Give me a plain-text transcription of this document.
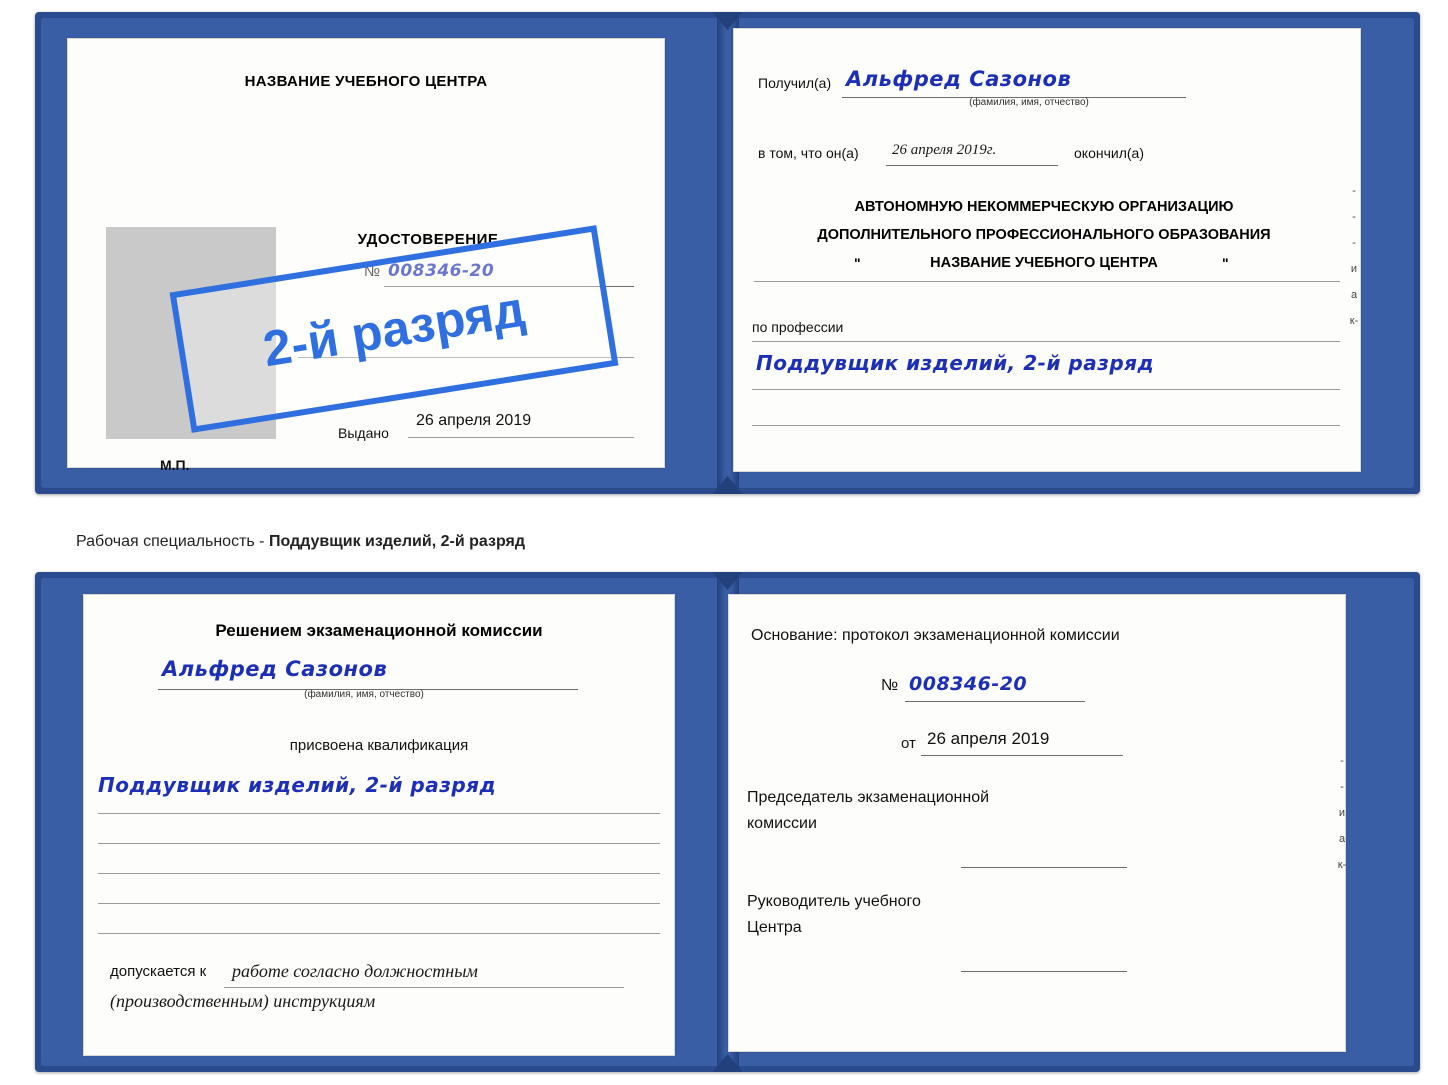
НАЗВАНИЕ УЧЕБНОГО ЦЕНТРА
УДОСТОВЕРЕНИЕ
№ 008346-20
Выдано
26 апреля 2019
М.П.
Получил(а) Альфред Сазонов
(фамилия, имя, отчество)
в том, что он(а) 26 апреля 2019г.	окончил(а)
АВТОНОМНУЮ НЕКОММЕРЧЕСКУЮ ОРГАНИЗАЦИЮ
ДОПОЛНИТЕЛЬНОГО ПРОФЕССИОНАЛЬНОГО ОБРАЗОВАНИЯ
"	НАЗВАНИЕ УЧЕБНОГО ЦЕНТРА	"
по профессии
Поддувщик изделий, 2-й разряд
-
-
-
и
а
к-
2-й разряд
Рабочая специальность - Поддувщик изделий, 2-й разряд
Решением экзаменационной комиссии
Альфред Сазонов
(фамилия, имя, отчество)
присвоена квалификация
Поддувщик изделий, 2-й разряд
допускается к работе согласно должностным
(производственным) инструкциям
Основание: протокол экзаменационной комиссии
№ 008346-20
от 26 апреля 2019
Председатель экзаменационной
комиссии
Руководитель учебного
Центра
-
-
и
а
к-
